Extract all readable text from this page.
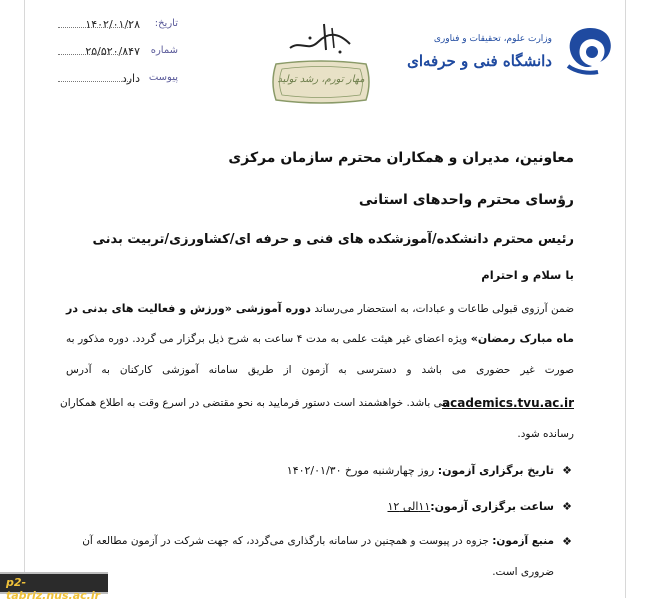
تاریخ:
۱۴۰۲/۰۱/۲۸
شماره
۲۵/۵۲۰/۸۴۷
پیوست
دارد	مهار تورم، رشد تولید
وزارت علوم، تحقیقات و فناوری
دانشگاه فنی و حرفه‌ای
معاونین، مدیران و همکاران محترم سازمان مرکزی
رؤسای محترم واحدهای استانی
رئیس محترم دانشکده/آموزشکده های فنی و حرفه ای/کشاورزی/تربیت بدنی
با سلام و احترام
ضمن آرزوی قبولی طاعات و عبادات، به استحضار می‌رساند دوره آموزشی «ورزش و فعالیت های بدنی در
ماه مبارک رمضان» ویژه اعضای غیر هیئت علمی به مدت ۴ ساعت به شرح ذیل برگزار می گردد. دوره مذکور به
صورت غیر حضوری می باشد و دسترسی به آزمون از طریق سامانه آموزشی کارکنان به آدرس
academics.tvu.ac.ir
می باشد. خواهشمند است دستور فرمایید به نحو مقتضی در اسرع وقت به اطلاع همکاران
رسانده شود.
❖
تاریخ برگزاری آزمون: روز چهارشنبه مورخ ۱۴۰۲/۰۱/۳۰
❖
ساعت برگزاری آزمون:۱۱الی ۱۲
❖
منبع آزمون: جزوه در پیوست و همچنین در سامانه بارگذاری می‌گردد، که جهت شرکت در آزمون مطالعه آن
ضروری است.
p2-tabriz.nus.ac.ir
